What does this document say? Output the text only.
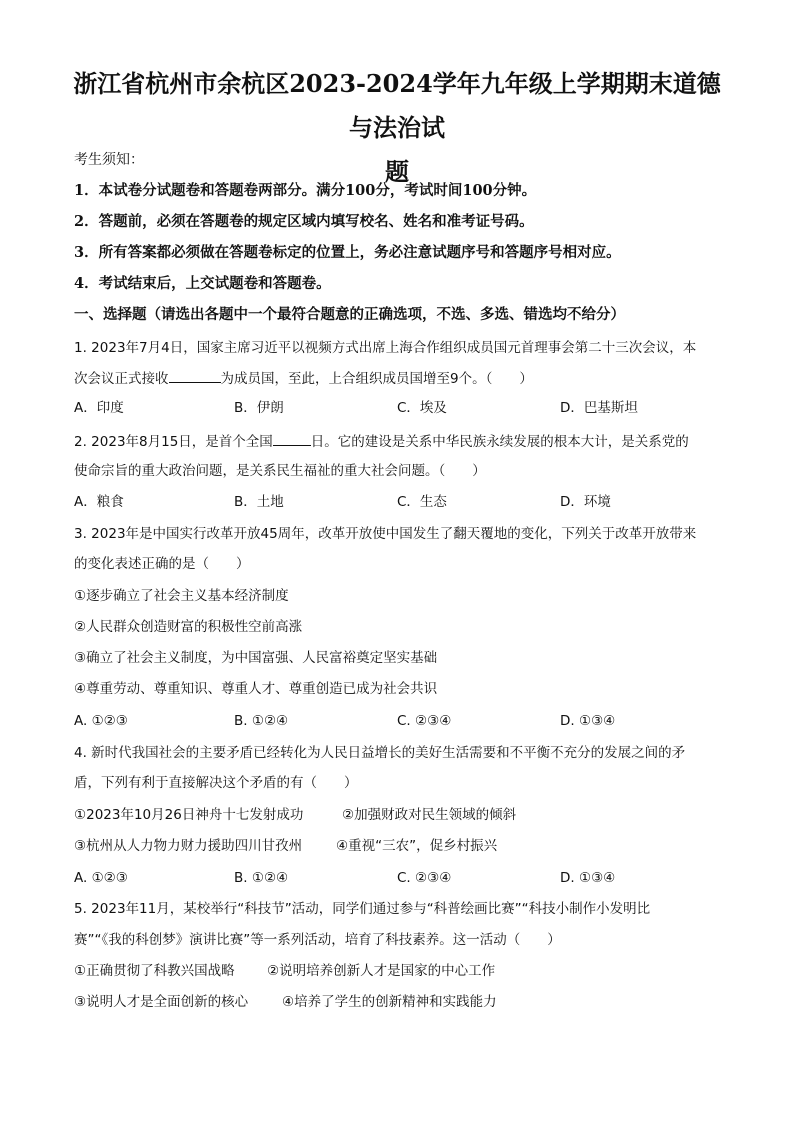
浙江省杭州市余杭区2023-2024学年九年级上学期期末道德与法治试
题
考生须知：
1．本试卷分试题卷和答题卷两部分。满分100分，考试时间100分钟。
2．答题前，必须在答题卷的规定区域内填写校名、姓名和准考证号码。
3．所有答案都必须做在答题卷标定的位置上，务必注意试题序号和答题序号相对应。
4．考试结束后，上交试题卷和答题卷。
一、选择题（请选出各题中一个最符合题意的正确选项，不选、多选、错选均不给分）
1. 2023年7月4日，国家主席习近平以视频方式出席上海合作组织成员国元首理事会第二十三次会议，本
次会议正式接收	为成员国，至此，上合组织成员国增至9个。（　　）
A．印度	B．伊朗	C．埃及	D．巴基斯坦
2. 2023年8月15日，是首个全国	日。它的建设是关系中华民族永续发展的根本大计，是关系党的
使命宗旨的重大政治问题，是关系民生福祉的重大社会问题。（　　）
A．粮食	B．土地	C．生态	D．环境
3. 2023年是中国实行改革开放45周年，改革开放使中国发生了翻天覆地的变化，下列关于改革开放带来
的变化表述正确的是（　　）
①逐步确立了社会主义基本经济制度
②人民群众创造财富的积极性空前高涨
③确立了社会主义制度，为中国富强、人民富裕奠定坚实基础
④尊重劳动、尊重知识、尊重人才、尊重创造已成为社会共识
A. ①②③	B. ①②④	C. ②③④	D. ①③④
4. 新时代我国社会的主要矛盾已经转化为人民日益增长的美好生活需要和不平衡不充分的发展之间的矛
盾，下列有利于直接解决这个矛盾的有（　　）
①2023年10月26日神舟十七发射成功	②加强财政对民生领域的倾斜
③杭州从人力物力财力援助四川甘孜州	④重视“三农”，促乡村振兴
A. ①②③	B. ①②④	C. ②③④	D. ①③④
5. 2023年11月，某校举行“科技节”活动，同学们通过参与“科普绘画比赛”“科技小制作小发明比
赛”“《我的科创梦》演讲比赛”等一系列活动，培育了科技素养。这一活动（　　）
①正确贯彻了科教兴国战略 ②说明培养创新人才是国家的中心工作
③说明人才是全面创新的核心	④培养了学生的创新精神和实践能力
